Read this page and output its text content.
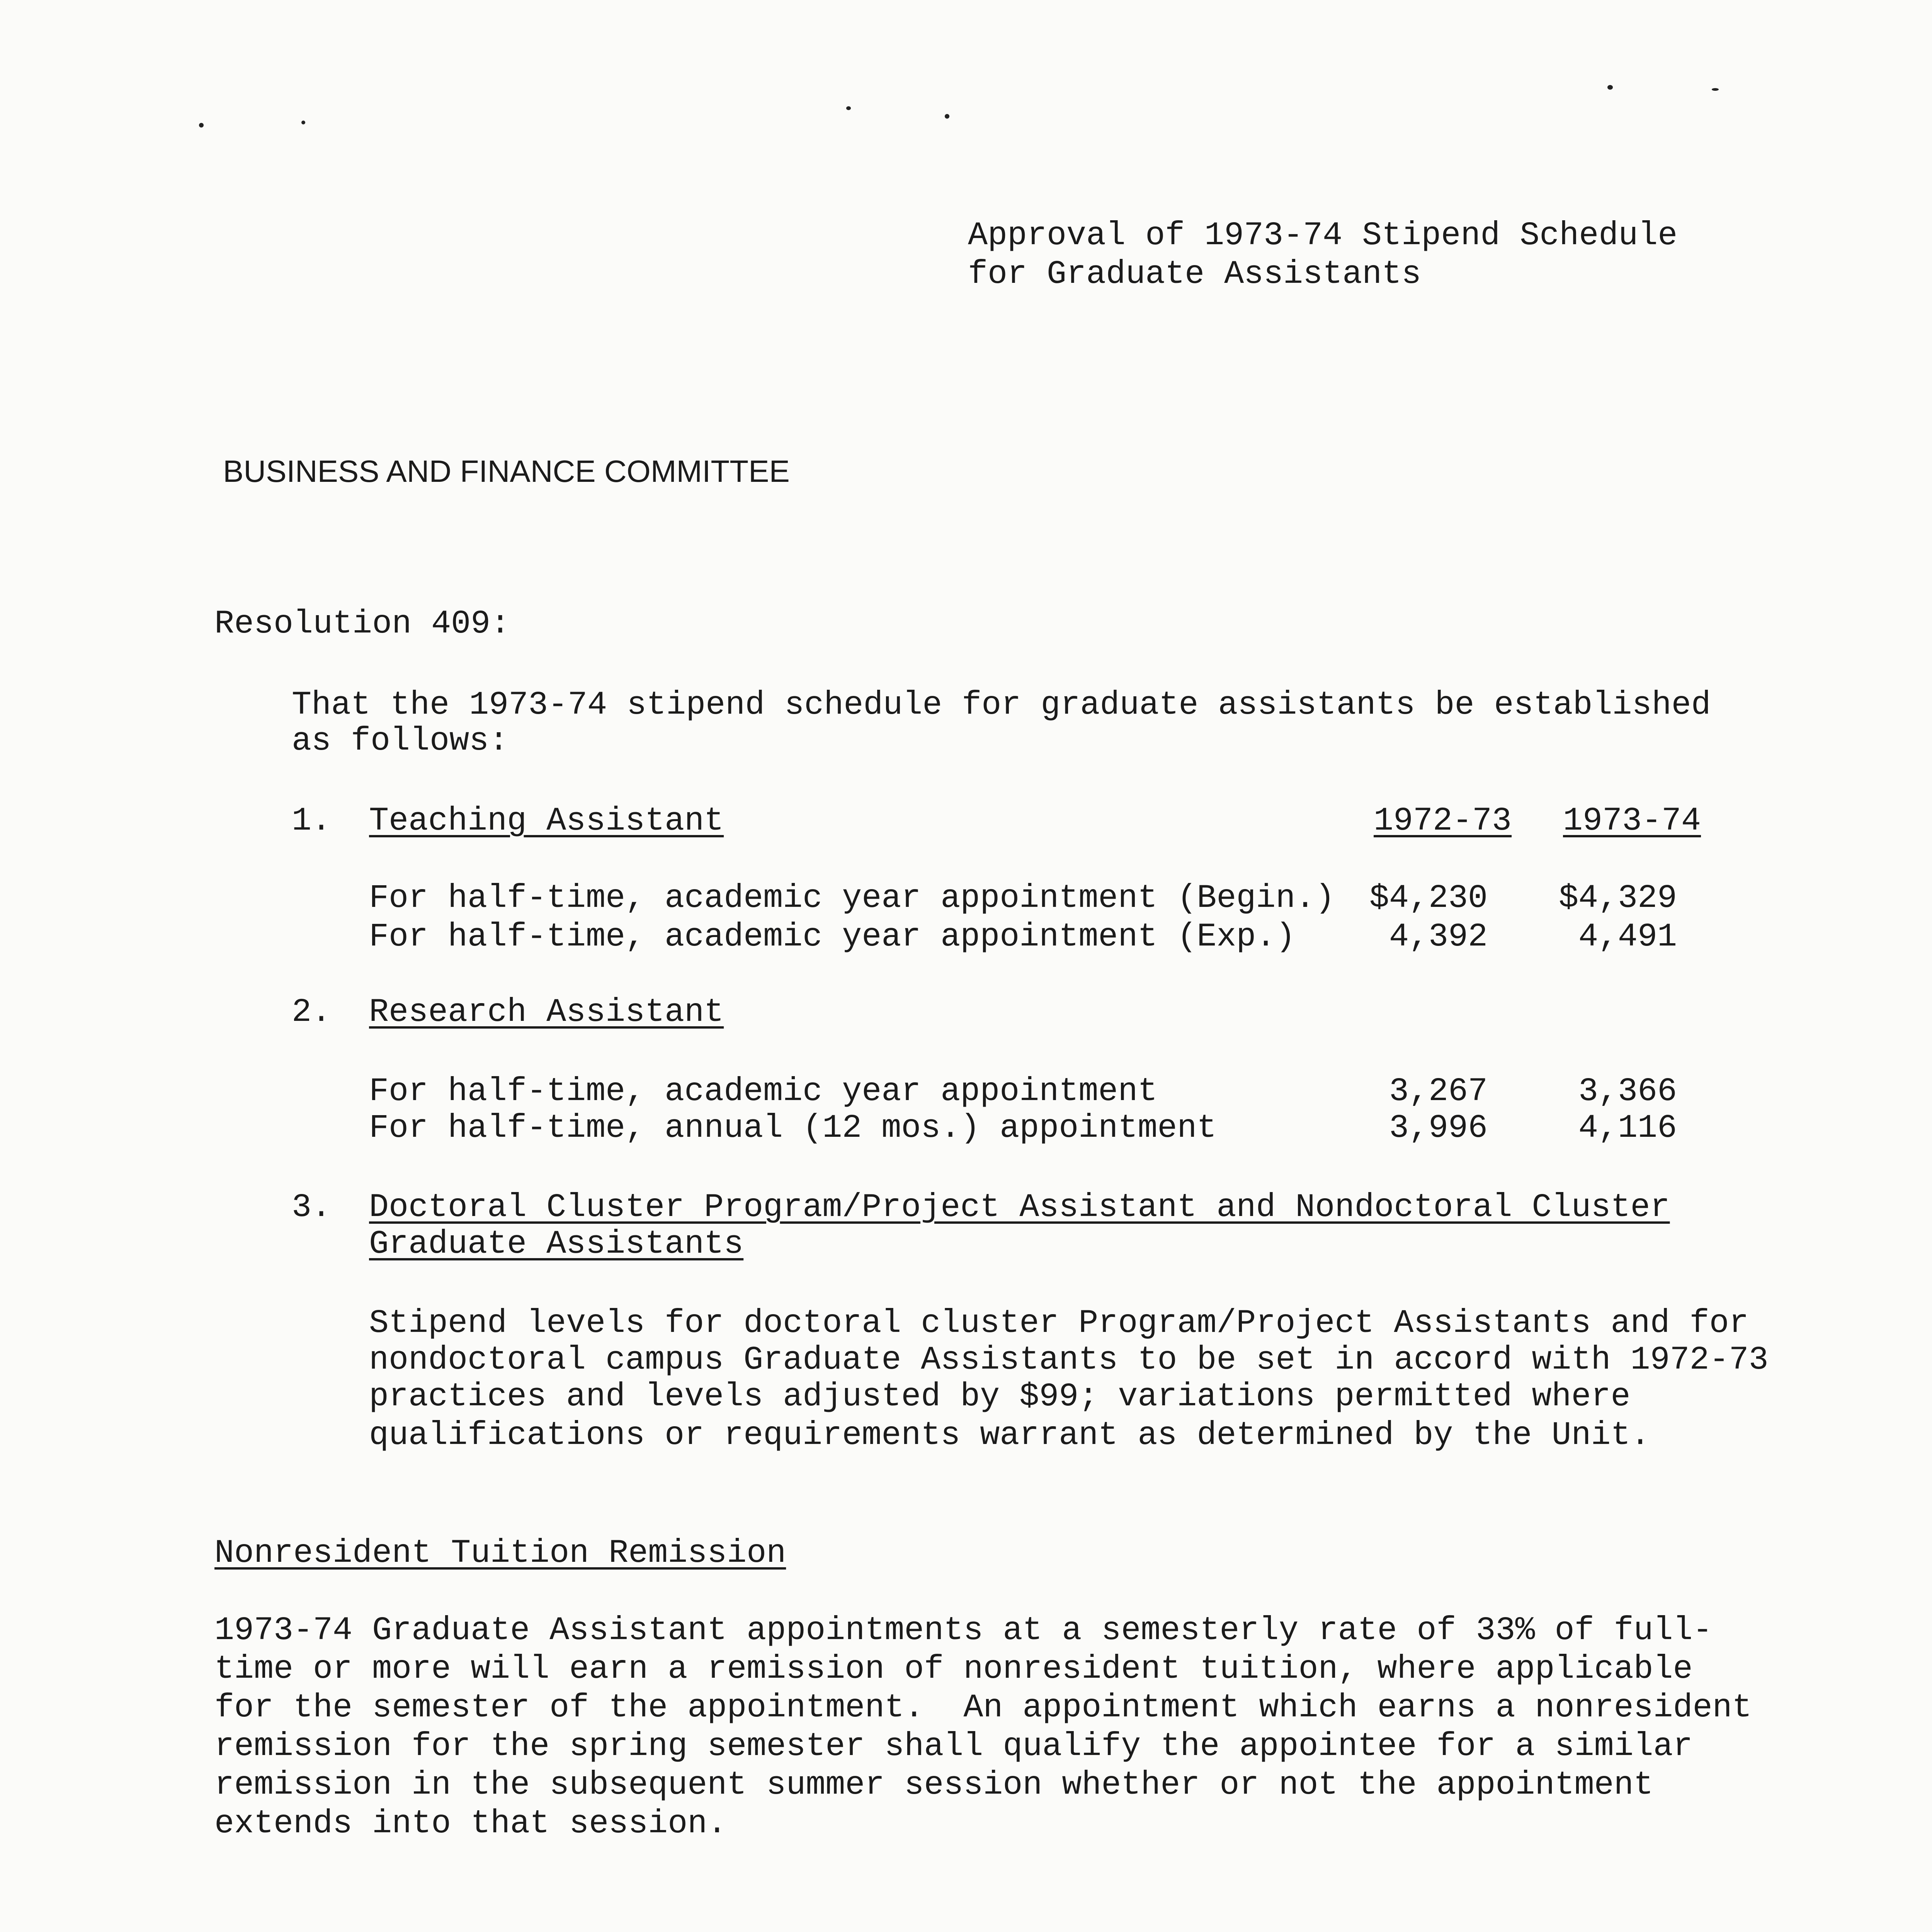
Approval of 1973-74 Stipend Schedule
for Graduate Assistants
BUSINESS AND FINANCE COMMITTEE
Resolution 409:
That the 1973-74 stipend schedule for graduate assistants be established
as follows:
1. Teaching Assistant	1972-73 1973-74
For half-time, academic year appointment (Begin.)	$4,230	$4,329
For half-time, academic year appointment (Exp.)	4,392	4,491
2. Research Assistant
For half-time, academic year appointment	3,267	3,366
For half-time, annual (12 mos.) appointment	3,996	4,116
3. Doctoral Cluster Program/Project Assistant and Nondoctoral Cluster
Graduate Assistants
Stipend levels for doctoral cluster Program/Project Assistants and for
nondoctoral campus Graduate Assistants to be set in accord with 1972-73
practices and levels adjusted by $99; variations permitted where
qualifications or requirements warrant as determined by the Unit.
Nonresident Tuition Remission
1973-74 Graduate Assistant appointments at a semesterly rate of 33% of full-
time or more will earn a remission of nonresident tuition, where applicable
for the semester of the appointment.  An appointment which earns a nonresident
remission for the spring semester shall qualify the appointee for a similar
remission in the subsequent summer session whether or not the appointment
extends into that session.
